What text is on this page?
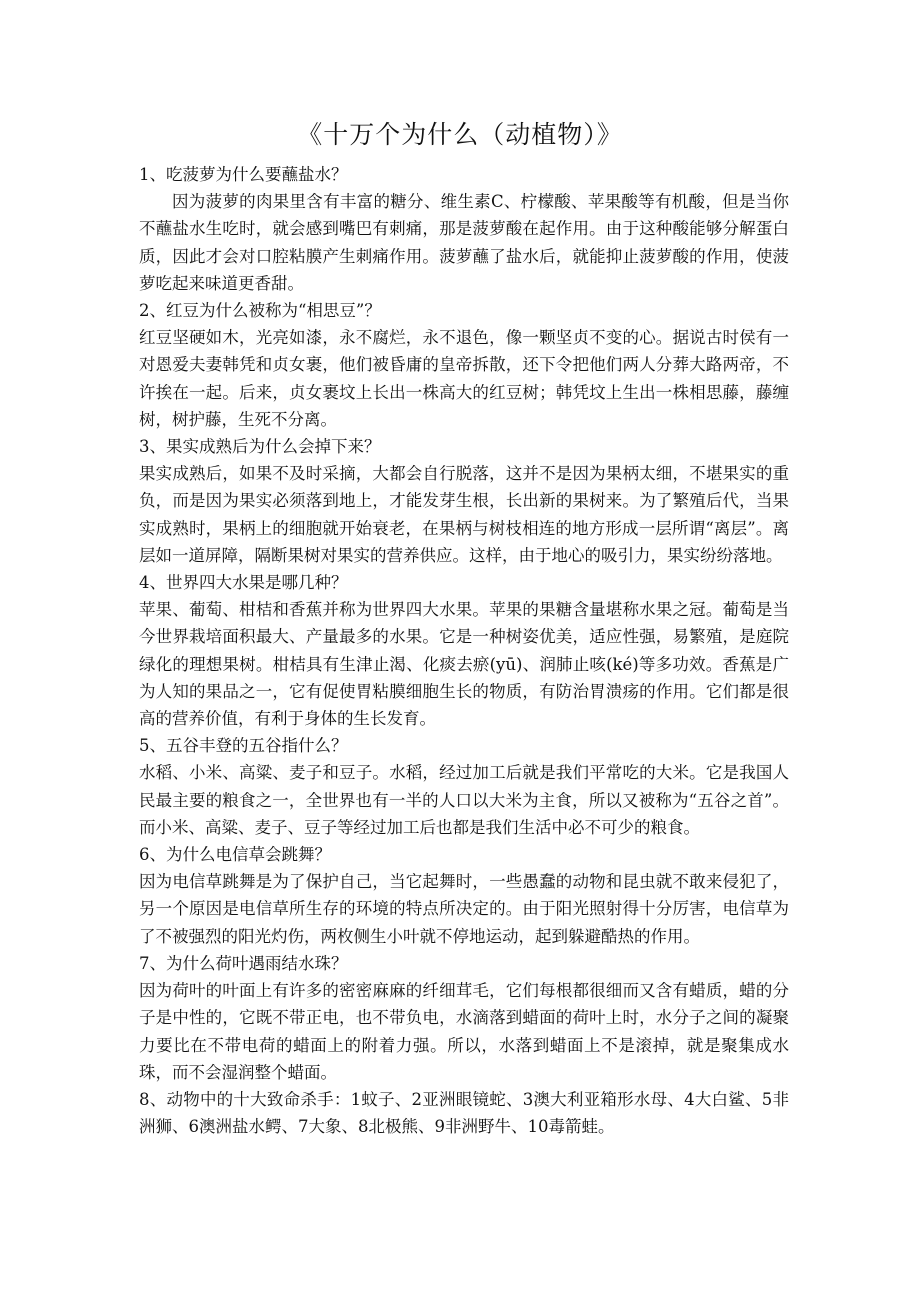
《十万个为什么（动植物）》

1、吃菠萝为什么要蘸盐水？

因为菠萝的肉果里含有丰富的糖分、维生素C、柠檬酸、苹果酸等有机酸，但是当你不蘸盐水生吃时，就会感到嘴巴有刺痛，那是菠萝酸在起作用。由于这种酸能够分解蛋白质，因此才会对口腔粘膜产生刺痛作用。菠萝蘸了盐水后，就能抑止菠萝酸的作用，使菠萝吃起来味道更香甜。

2、红豆为什么被称为“相思豆”？

红豆坚硬如木，光亮如漆，永不腐烂，永不退色，像一颗坚贞不变的心。据说古时侯有一对恩爱夫妻韩凭和贞女裹，他们被昏庸的皇帝拆散，还下令把他们两人分葬大路两帝，不许挨在一起。后来，贞女裹坟上长出一株高大的红豆树；韩凭坟上生出一株相思藤，藤缠树，树护藤，生死不分离。

3、果实成熟后为什么会掉下来？

果实成熟后，如果不及时采摘，大都会自行脱落，这并不是因为果柄太细，不堪果实的重负，而是因为果实必须落到地上，才能发芽生根，长出新的果树来。为了繁殖后代，当果实成熟时，果柄上的细胞就开始衰老，在果柄与树枝相连的地方形成一层所谓“离层”。离层如一道屏障，隔断果树对果实的营养供应。这样，由于地心的吸引力，果实纷纷落地。

4、世界四大水果是哪几种？

苹果、葡萄、柑桔和香蕉并称为世界四大水果。苹果的果糖含量堪称水果之冠。葡萄是当今世界栽培面积最大、产量最多的水果。它是一种树姿优美，适应性强，易繁殖，是庭院绿化的理想果树。柑桔具有生津止渴、化痰去瘀(yū)、润肺止咳(ké)等多功效。香蕉是广为人知的果品之一，它有促使胃粘膜细胞生长的物质，有防治胃溃疡的作用。它们都是很高的营养价值，有利于身体的生长发育。

5、五谷丰登的五谷指什么？

水稻、小米、高粱、麦子和豆子。水稻，经过加工后就是我们平常吃的大米。它是我国人民最主要的粮食之一，全世界也有一半的人口以大米为主食，所以又被称为“五谷之首”。而小米、高粱、麦子、豆子等经过加工后也都是我们生活中必不可少的粮食。

6、为什么电信草会跳舞？

因为电信草跳舞是为了保护自己，当它起舞时，一些愚蠢的动物和昆虫就不敢来侵犯了，另一个原因是电信草所生存的环境的特点所决定的。由于阳光照射得十分厉害，电信草为了不被强烈的阳光灼伤，两枚侧生小叶就不停地运动，起到躲避酷热的作用。

7、为什么荷叶遇雨结水珠？

因为荷叶的叶面上有许多的密密麻麻的纤细茸毛，它们每根都很细而又含有蜡质，蜡的分子是中性的，它既不带正电，也不带负电，水滴落到蜡面的荷叶上时，水分子之间的凝聚力要比在不带电荷的蜡面上的附着力强。所以，水落到蜡面上不是滚掉，就是聚集成水珠，而不会湿润整个蜡面。

8、动物中的十大致命杀手：1蚊子、2亚洲眼镜蛇、3澳大利亚箱形水母、4大白鲨、5非洲狮、6澳洲盐水鳄、7大象、8北极熊、9非洲野牛、10毒箭蛙。
